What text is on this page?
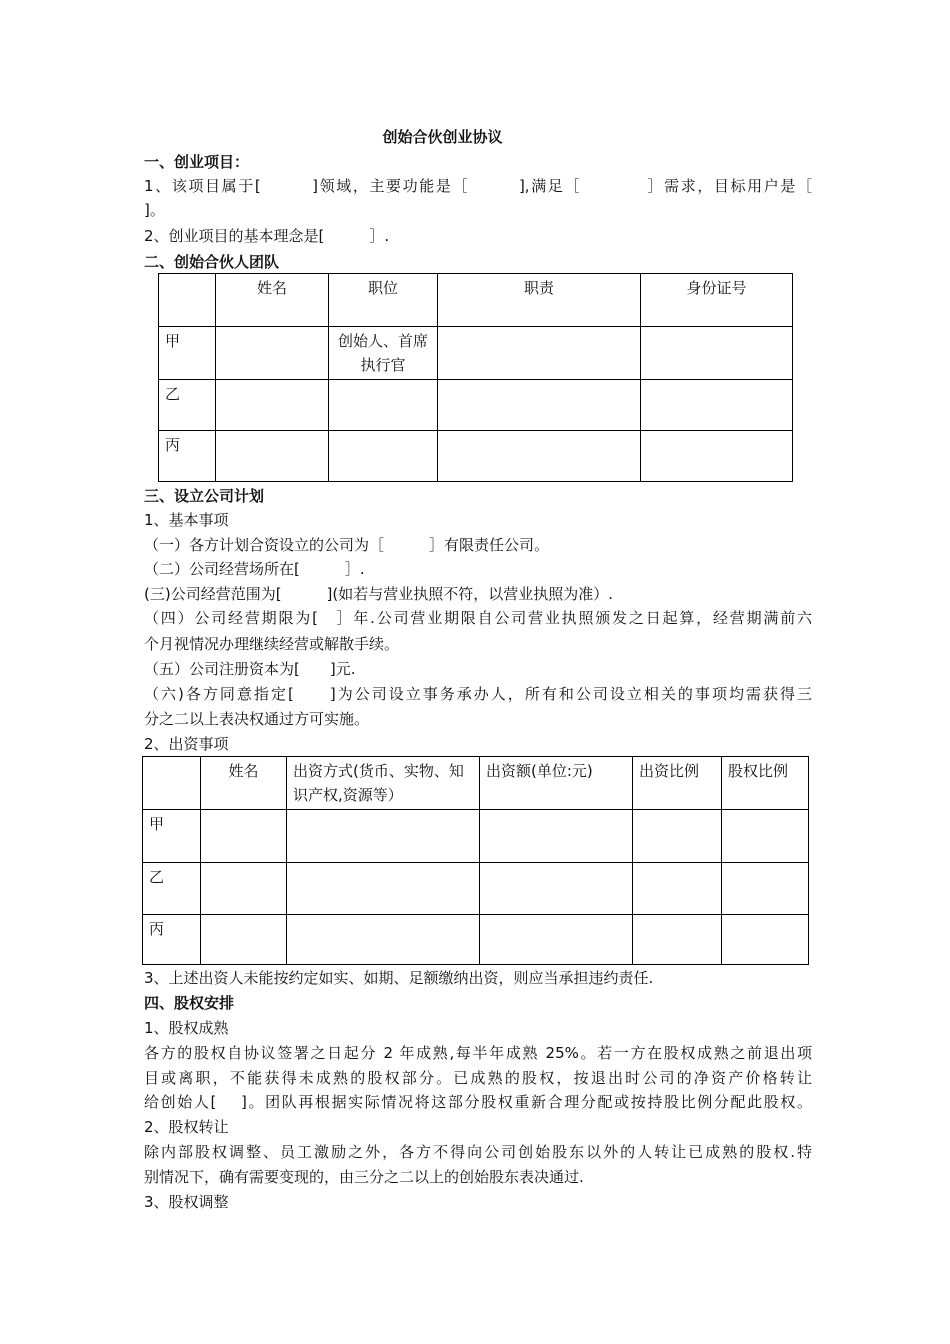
创始合伙创业协议
一、创业项目：
1、该项目属于[　　　]领域，主要功能是［　　　],满足［　　　　］需求，目标用户是［
]。
2、创业项目的基本理念是[　　　］.
二、创始合伙人团队
	姓名	职位	职责	身份证号
甲		创始人、首席执行官		
乙				
丙				
三、设立公司计划
1、基本事项
（一）各方计划合资设立的公司为［　　　］有限责任公司。
（二）公司经营场所在[　　　］.
(三)公司经营范围为[　　　](如若与营业执照不符，以营业执照为准）.
（四）公司经营期限为[　］年.公司营业期限自公司营业执照颁发之日起算，经营期满前六
个月视情况办理继续经营或解散手续。
（五）公司注册资本为[　　]元.
（六)各方同意指定[　　]为公司设立事务承办人，所有和公司设立相关的事项均需获得三
分之二以上表决权通过方可实施。
2、出资事项
	姓名	出资方式(货币、实物、知识产权,资源等）	出资额(单位:元)	出资比例	股权比例
甲					
乙					
丙					
3、上述出资人未能按约定如实、如期、足额缴纳出资，则应当承担违约责任.
四、股权安排
1、股权成熟
各方的股权自协议签署之日起分 2 年成熟,每半年成熟 25%。若一方在股权成熟之前退出项
目或离职，不能获得未成熟的股权部分。已成熟的股权，按退出时公司的净资产价格转让
给创始人[　 ]。团队再根据实际情况将这部分股权重新合理分配或按持股比例分配此股权。
2、股权转让
除内部股权调整、员工激励之外，各方不得向公司创始股东以外的人转让已成熟的股权.特
别情况下，确有需要变现的，由三分之二以上的创始股东表决通过.
3、股权调整
